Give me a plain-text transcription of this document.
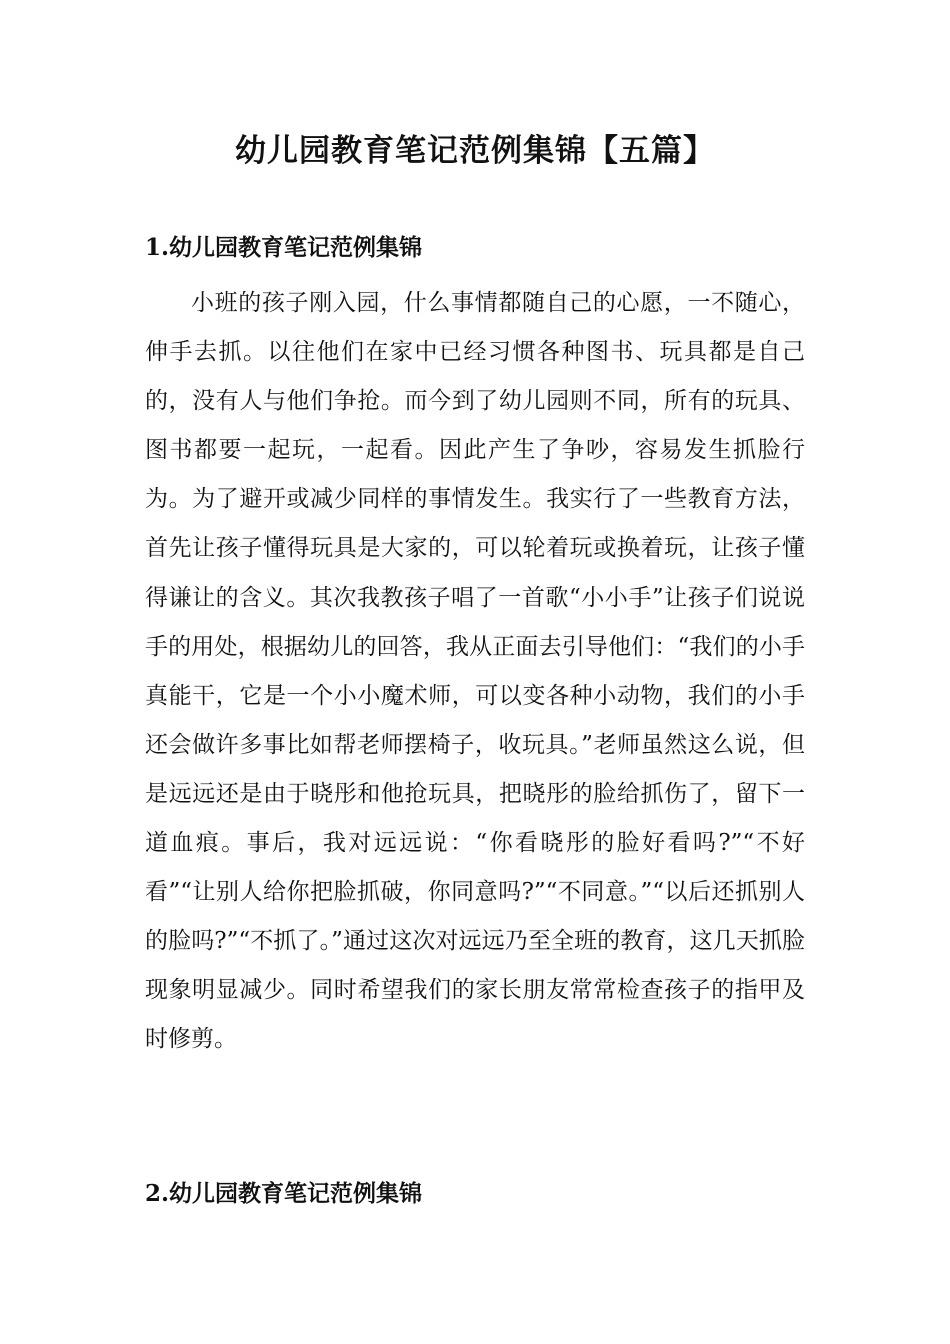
幼儿园教育笔记范例集锦【五篇】
1.幼儿园教育笔记范例集锦

小班的孩子刚入园，什么事情都随自己的心愿，一不随心，伸手去抓。以往他们在家中已经习惯各种图书、玩具都是自己的，没有人与他们争抢。而今到了幼儿园则不同，所有的玩具、图书都要一起玩，一起看。因此产生了争吵，容易发生抓脸行为。为了避开或减少同样的事情发生。我实行了一些教育方法，首先让孩子懂得玩具是大家的，可以轮着玩或换着玩，让孩子懂得谦让的含义。其次我教孩子唱了一首歌“小小手”让孩子们说说手的用处，根据幼儿的回答，我从正面去引导他们：“我们的小手真能干，它是一个小小魔术师，可以变各种小动物，我们的小手还会做许多事比如帮老师摆椅子，收玩具。”老师虽然这么说，但是远远还是由于晓彤和他抢玩具，把晓彤的脸给抓伤了，留下一道血痕。事后，我对远远说：“你看晓彤的脸好看吗?”“不好看”“让别人给你把脸抓破，你同意吗?”“不同意。”“以后还抓别人的脸吗?”“不抓了。”通过这次对远远乃至全班的教育，这几天抓脸现象明显减少。同时希望我们的家长朋友常常检查孩子的指甲及时修剪。

2.幼儿园教育笔记范例集锦
